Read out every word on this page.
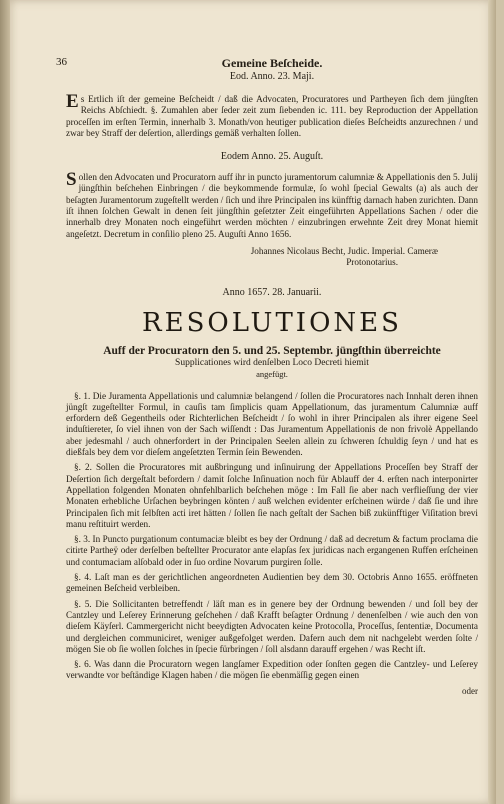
36	Gemeine Beſcheide.
Eod. Anno. 23. Maji.

Es Ertlich iſt der gemeine Beſcheidt / daß die Advocaten, Procuratores und Partheyen ſich dem jüngſten Reichs Abſchiedt. §. Zumahlen aber ſeder zeit zum ſiebenden ic. 111. bey Reproduction der Appellation proceſſen im erſten Termin, innerhalb 3. Monath/von heutiger publication dieſes Beſcheidts anzurechnen / und zwar bey Straff der deſertion, allerdings gemäß verhalten ſollen.

Eodem Anno. 25. Auguſt.

Sollen den Advocaten und Procuratorn auff ihr in puncto juramentorum calumniæ & Appellationis den 5. Julij jüngſthin beſchehen Einbringen / die beykommende formulæ, ſo wohl ſpecial Gewalts (a) als auch der beſagten Juramentorum zugeſtellt werden / ſich und ihre Principalen ins künfftig darnach haben zurichten. Dann iſt ihnen ſolchen Gewalt in denen ſeit jüngſthin geſetzter Zeit eingeführten Appellations Sachen / oder die innerhalb drey Monaten noch eingeführt werden möchten / einzubringen erwehnte Zeit drey Monat hiemit angeſetzt. Decretum in conſilio pleno 25. Auguſti Anno 1656.

Johannes Nicolaus Becht, Judic. Imperial. Cameræ
Protonotarius.
Anno 1657. 28. Januarii.
RESOLUTIONES
Auff der Procuratorn den 5. und 25. Septembr. jüngſthin überreichte
Supplicationes wird denſelben Loco Decreti hiemit
angefügt.

§. 1. Die Juramenta Appellationis und calumniæ belangend / ſollen die Procuratores nach Innhalt deren ihnen jüngſt zugeſtellter Formul, in cauſis tam ſimplicis quam Appellationum, das juramentum Calumniæ auff erfordern deß Gegentheils oder Richterlichen Beſcheidt / ſo wohl in ihrer Principalen als ihrer eigene Seel induſtiereter, ſo viel ihnen von der Sach wiſſendt : Das Juramentum Appellationis de non frivolè Appellando aber jedesmahl / auch ohnerfordert in der Principalen Seelen allein zu ſchweren ſchuldig ſeyn / und hat es dießfals bey dem vor dieſem angeſetzten Termin ſein Bewenden.

§. 2. Sollen die Procuratores mit außbringung und inſinuirung der Appellations Proceſſen bey Straff der Deſertion ſich dergeſtalt befordern / damit ſolche Inſinuation noch für Ablauff der 4. erſten nach interponirter Appellation folgenden Monaten ohnfehlbarlich beſchehen möge : Im Fall ſie aber nach verflieſſung der vier Monaten erhebliche Urſachen beybringen könten / auß welchen evidenter erſcheinen würde / daß ſie und ihre Principalen ſich mit ſelbſten acti iret hätten / ſollen ſie nach geſtalt der Sachen biß zukünfftiger Viſitation brevi manu reſtituirt werden.

§. 3. In Puncto purgationum contumaciæ bleibt es bey der Ordnung / daß ad decretum & factum proclama die citirte Partheÿ oder derſelben beſtellter Procurator ante elapſas ſex juridicas nach ergangenen Ruffen erſcheinen und contumaciam alſobald oder in ſuo ordine Novarum purgiren ſolle.

§. 4. Laſt man es der gerichtlichen angeordneten Audientien bey dem 30. Octobris Anno 1655. eröffneten gemeinen Beſcheid verbleiben.

§. 5. Die Sollicitanten betreffendt / läſt man es in genere bey der Ordnung bewenden / und ſoll bey der Cantzley und Leſerey Erinnerung geſchehen / daß Krafft beſagter Ordnung / denenſelben / wie auch den von dieſem Käyſerl. Cammergericht nicht beeydigten Advocaten keine Protocolla, Proceſſus, ſententiæ, Documenta und dergleichen communiciret, weniger außgefolget werden. Dafern auch dem nit nachgelebt werden ſolte / mögen Sie ob ſie wollen ſolches in ſpecie fürbringen / ſoll alsdann darauff ergehen / was Recht iſt.

§. 6. Was dann die Procuratorn wegen langſamer Expedition oder ſonſten gegen die Cantzley- und Leſerey verwandte vor beſtändige Klagen haben / die mögen ſie ebenmäſſig gegen einen

oder
